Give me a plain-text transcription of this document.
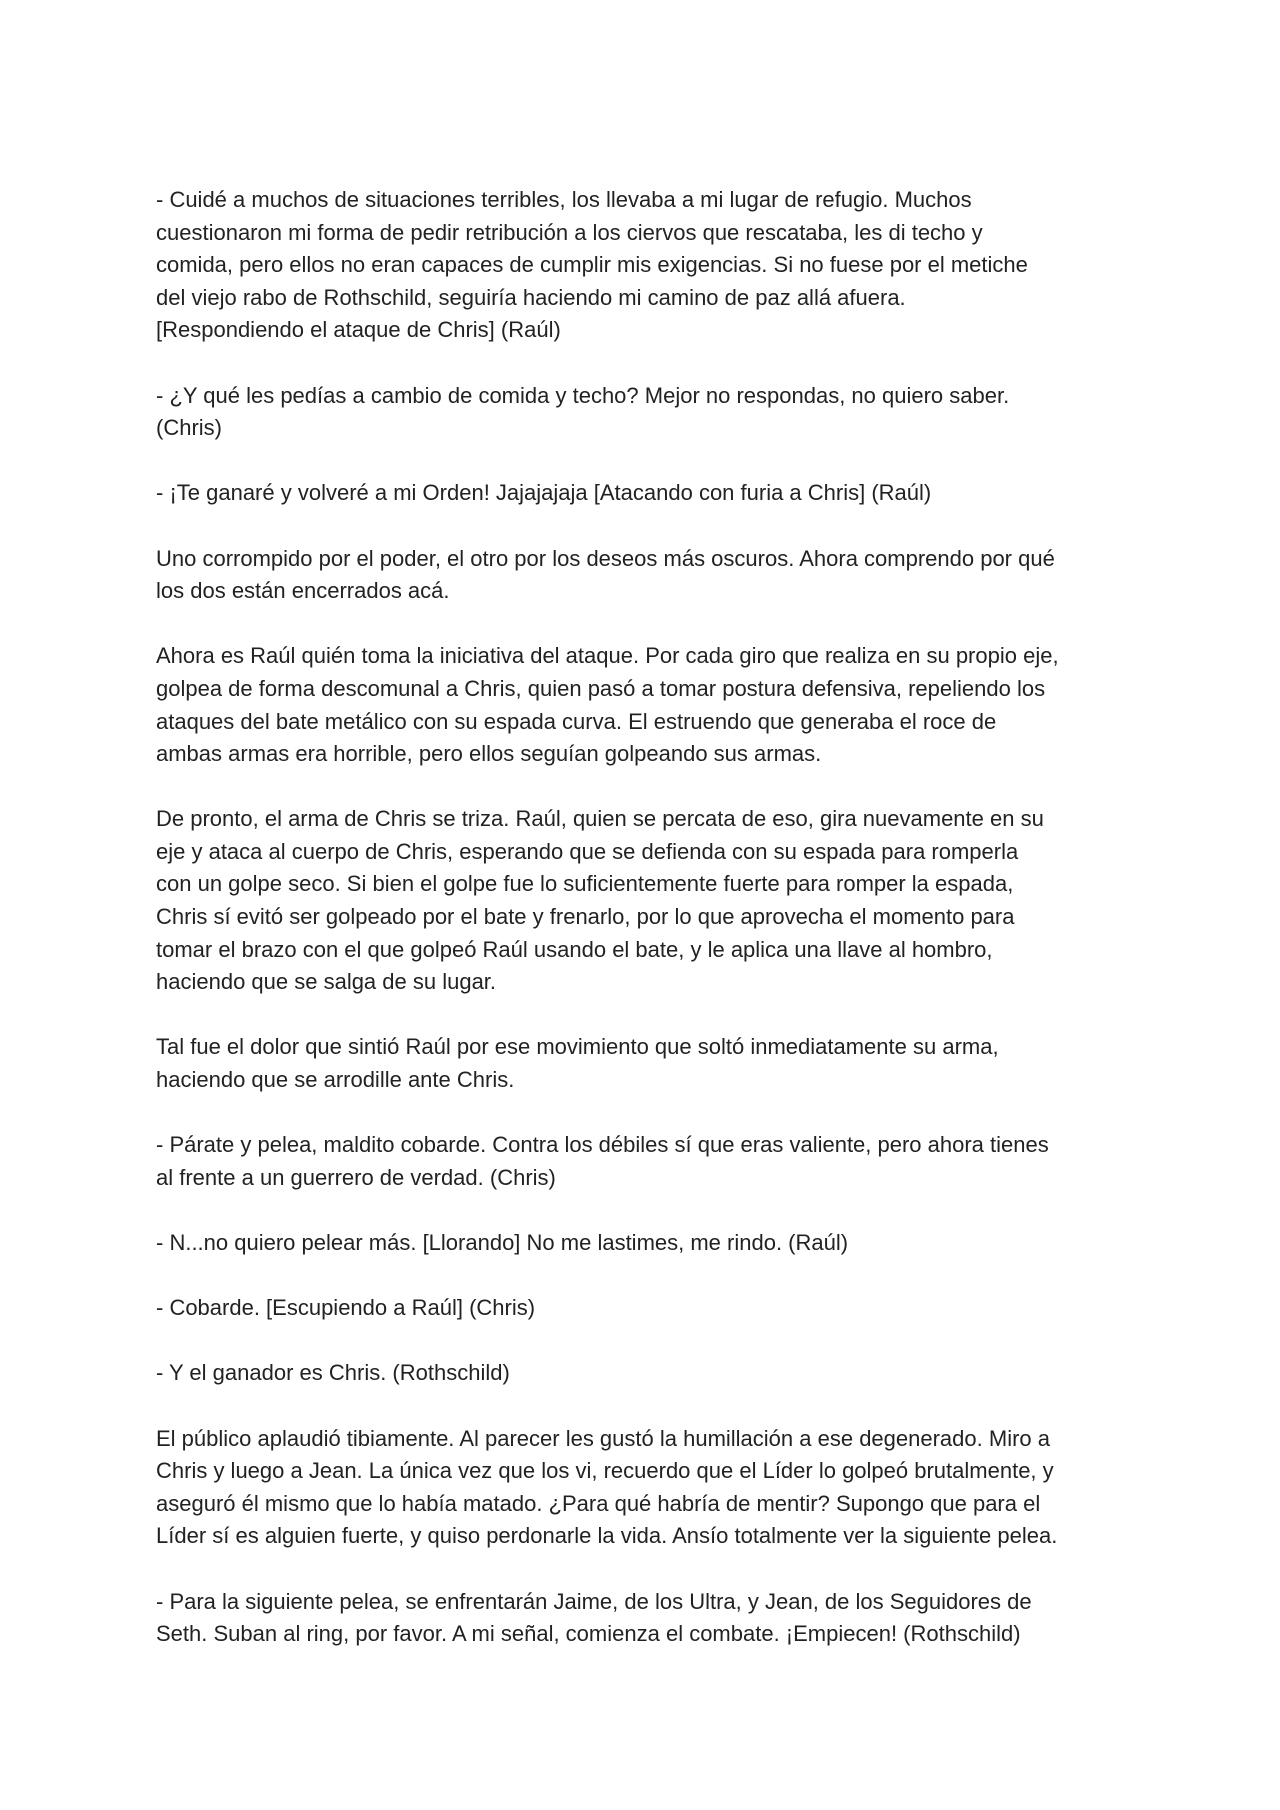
- Cuidé a muchos de situaciones terribles, los llevaba a mi lugar de refugio. Muchos
cuestionaron mi forma de pedir retribución a los ciervos que rescataba, les di techo y
comida, pero ellos no eran capaces de cumplir mis exigencias. Si no fuese por el metiche
del viejo rabo de Rothschild, seguiría haciendo mi camino de paz allá afuera.
[Respondiendo el ataque de Chris] (Raúl)
- ¿Y qué les pedías a cambio de comida y techo? Mejor no respondas, no quiero saber.
(Chris)
- ¡Te ganaré y volveré a mi Orden! Jajajajaja [Atacando con furia a Chris] (Raúl)
Uno corrompido por el poder, el otro por los deseos más oscuros. Ahora comprendo por qué
los dos están encerrados acá.
Ahora es Raúl quién toma la iniciativa del ataque. Por cada giro que realiza en su propio eje,
golpea de forma descomunal a Chris, quien pasó a tomar postura defensiva, repeliendo los
ataques del bate metálico con su espada curva. El estruendo que generaba el roce de
ambas armas era horrible, pero ellos seguían golpeando sus armas.
De pronto, el arma de Chris se triza. Raúl, quien se percata de eso, gira nuevamente en su
eje y ataca al cuerpo de Chris, esperando que se defienda con su espada para romperla
con un golpe seco. Si bien el golpe fue lo suficientemente fuerte para romper la espada,
Chris sí evitó ser golpeado por el bate y frenarlo, por lo que aprovecha el momento para
tomar el brazo con el que golpeó Raúl usando el bate, y le aplica una llave al hombro,
haciendo que se salga de su lugar.
Tal fue el dolor que sintió Raúl por ese movimiento que soltó inmediatamente su arma,
haciendo que se arrodille ante Chris.
- Párate y pelea, maldito cobarde. Contra los débiles sí que eras valiente, pero ahora tienes
al frente a un guerrero de verdad. (Chris)
- N...no quiero pelear más. [Llorando] No me lastimes, me rindo. (Raúl)
- Cobarde. [Escupiendo a Raúl] (Chris)
- Y el ganador es Chris. (Rothschild)
El público aplaudió tibiamente. Al parecer les gustó la humillación a ese degenerado. Miro a
Chris y luego a Jean. La única vez que los vi, recuerdo que el Líder lo golpeó brutalmente, y
aseguró él mismo que lo había matado. ¿Para qué habría de mentir? Supongo que para el
Líder sí es alguien fuerte, y quiso perdonarle la vida. Ansío totalmente ver la siguiente pelea.
- Para la siguiente pelea, se enfrentarán Jaime, de los Ultra, y Jean, de los Seguidores de
Seth. Suban al ring, por favor. A mi señal, comienza el combate. ¡Empiecen! (Rothschild)
